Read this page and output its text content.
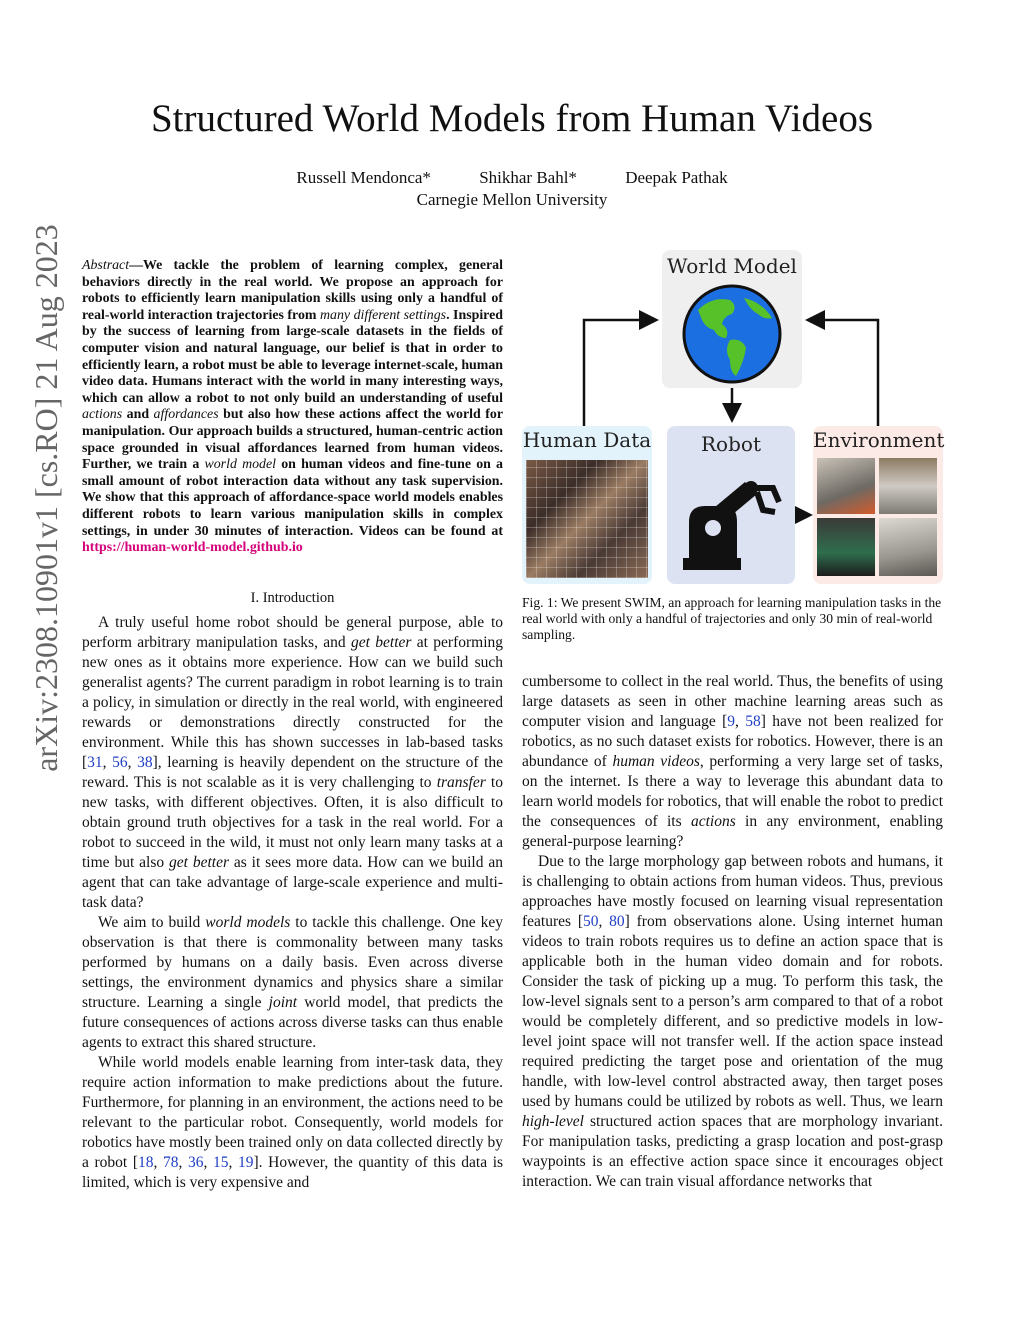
arXiv:2308.10901v1 [cs.RO] 21 Aug 2023
Structured World Models from Human Videos
Russell Mendonca*	Shikhar Bahl*	Deepak Pathak
Carnegie Mellon University
Abstract—We tackle the problem of learning complex, general behaviors directly in the real world. We propose an approach for robots to efficiently learn manipulation skills using only a handful of real-world interaction trajectories from many different settings. Inspired by the success of learning from large-scale datasets in the fields of computer vision and natural language, our belief is that in order to efficiently learn, a robot must be able to leverage internet-scale, human video data. Humans interact with the world in many interesting ways, which can allow a robot to not only build an understanding of useful actions and affordances but also how these actions affect the world for manipulation. Our approach builds a structured, human-centric action space grounded in visual affordances learned from human videos. Further, we train a world model on human videos and fine-tune on a small amount of robot interaction data without any task supervision. We show that this approach of affordance-space world models enables different robots to learn various manipulation skills in complex settings, in under 30 minutes of interaction. Videos can be found at https://human-world-model.github.io
I. Introduction

A truly useful home robot should be general purpose, able to perform arbitrary manipulation tasks, and get better at performing new ones as it obtains more experience. How can we build such generalist agents? The current paradigm in robot learning is to train a policy, in simulation or directly in the real world, with engineered rewards or demonstrations directly constructed for the environment. While this has shown successes in lab-based tasks [31, 56, 38], learning is heavily dependent on the structure of the reward. This is not scalable as it is very challenging to transfer to new tasks, with different objectives. Often, it is also difficult to obtain ground truth objectives for a task in the real world. For a robot to succeed in the wild, it must not only learn many tasks at a time but also get better as it sees more data. How can we build an agent that can take advantage of large-scale experience and multi-task data?

We aim to build world models to tackle this challenge. One key observation is that there is commonality between many tasks performed by humans on a daily basis. Even across diverse settings, the environment dynamics and physics share a similar structure. Learning a single joint world model, that predicts the future consequences of actions across diverse tasks can thus enable agents to extract this shared structure.

While world models enable learning from inter-task data, they require action information to make predictions about the future. Furthermore, for planning in an environment, the actions need to be relevant to the particular robot. Consequently, world models for robotics have mostly been trained only on data collected directly by a robot [18, 78, 36, 15, 19]. However, the quantity of this data is limited, which is very expensive and

World Model
Human Data	Robot	Environment
Fig. 1: We present SWIM, an approach for learning manipulation tasks in the real world with only a handful of trajectories and only 30 min of real-world sampling.

cumbersome to collect in the real world. Thus, the benefits of using large datasets as seen in other machine learning areas such as computer vision and language [9, 58] have not been realized for robotics, as no such dataset exists for robotics. However, there is an abundance of human videos, performing a very large set of tasks, on the internet. Is there a way to leverage this abundant data to learn world models for robotics, that will enable the robot to predict the consequences of its actions in any environment, enabling general-purpose learning?

Due to the large morphology gap between robots and humans, it is challenging to obtain actions from human videos. Thus, previous approaches have mostly focused on learning visual representation features [50, 80] from observations alone. Using internet human videos to train robots requires us to define an action space that is applicable both in the human video domain and for robots. Consider the task of picking up a mug. To perform this task, the low-level signals sent to a person’s arm compared to that of a robot would be completely different, and so predictive models in low-level joint space will not transfer well. If the action space instead required predicting the target pose and orientation of the mug handle, with low-level control abstracted away, then target poses used by humans could be utilized by robots as well. Thus, we learn high-level structured action spaces that are morphology invariant. For manipulation tasks, predicting a grasp location and post-grasp waypoints is an effective action space since it encourages object interaction. We can train visual affordance networks that
